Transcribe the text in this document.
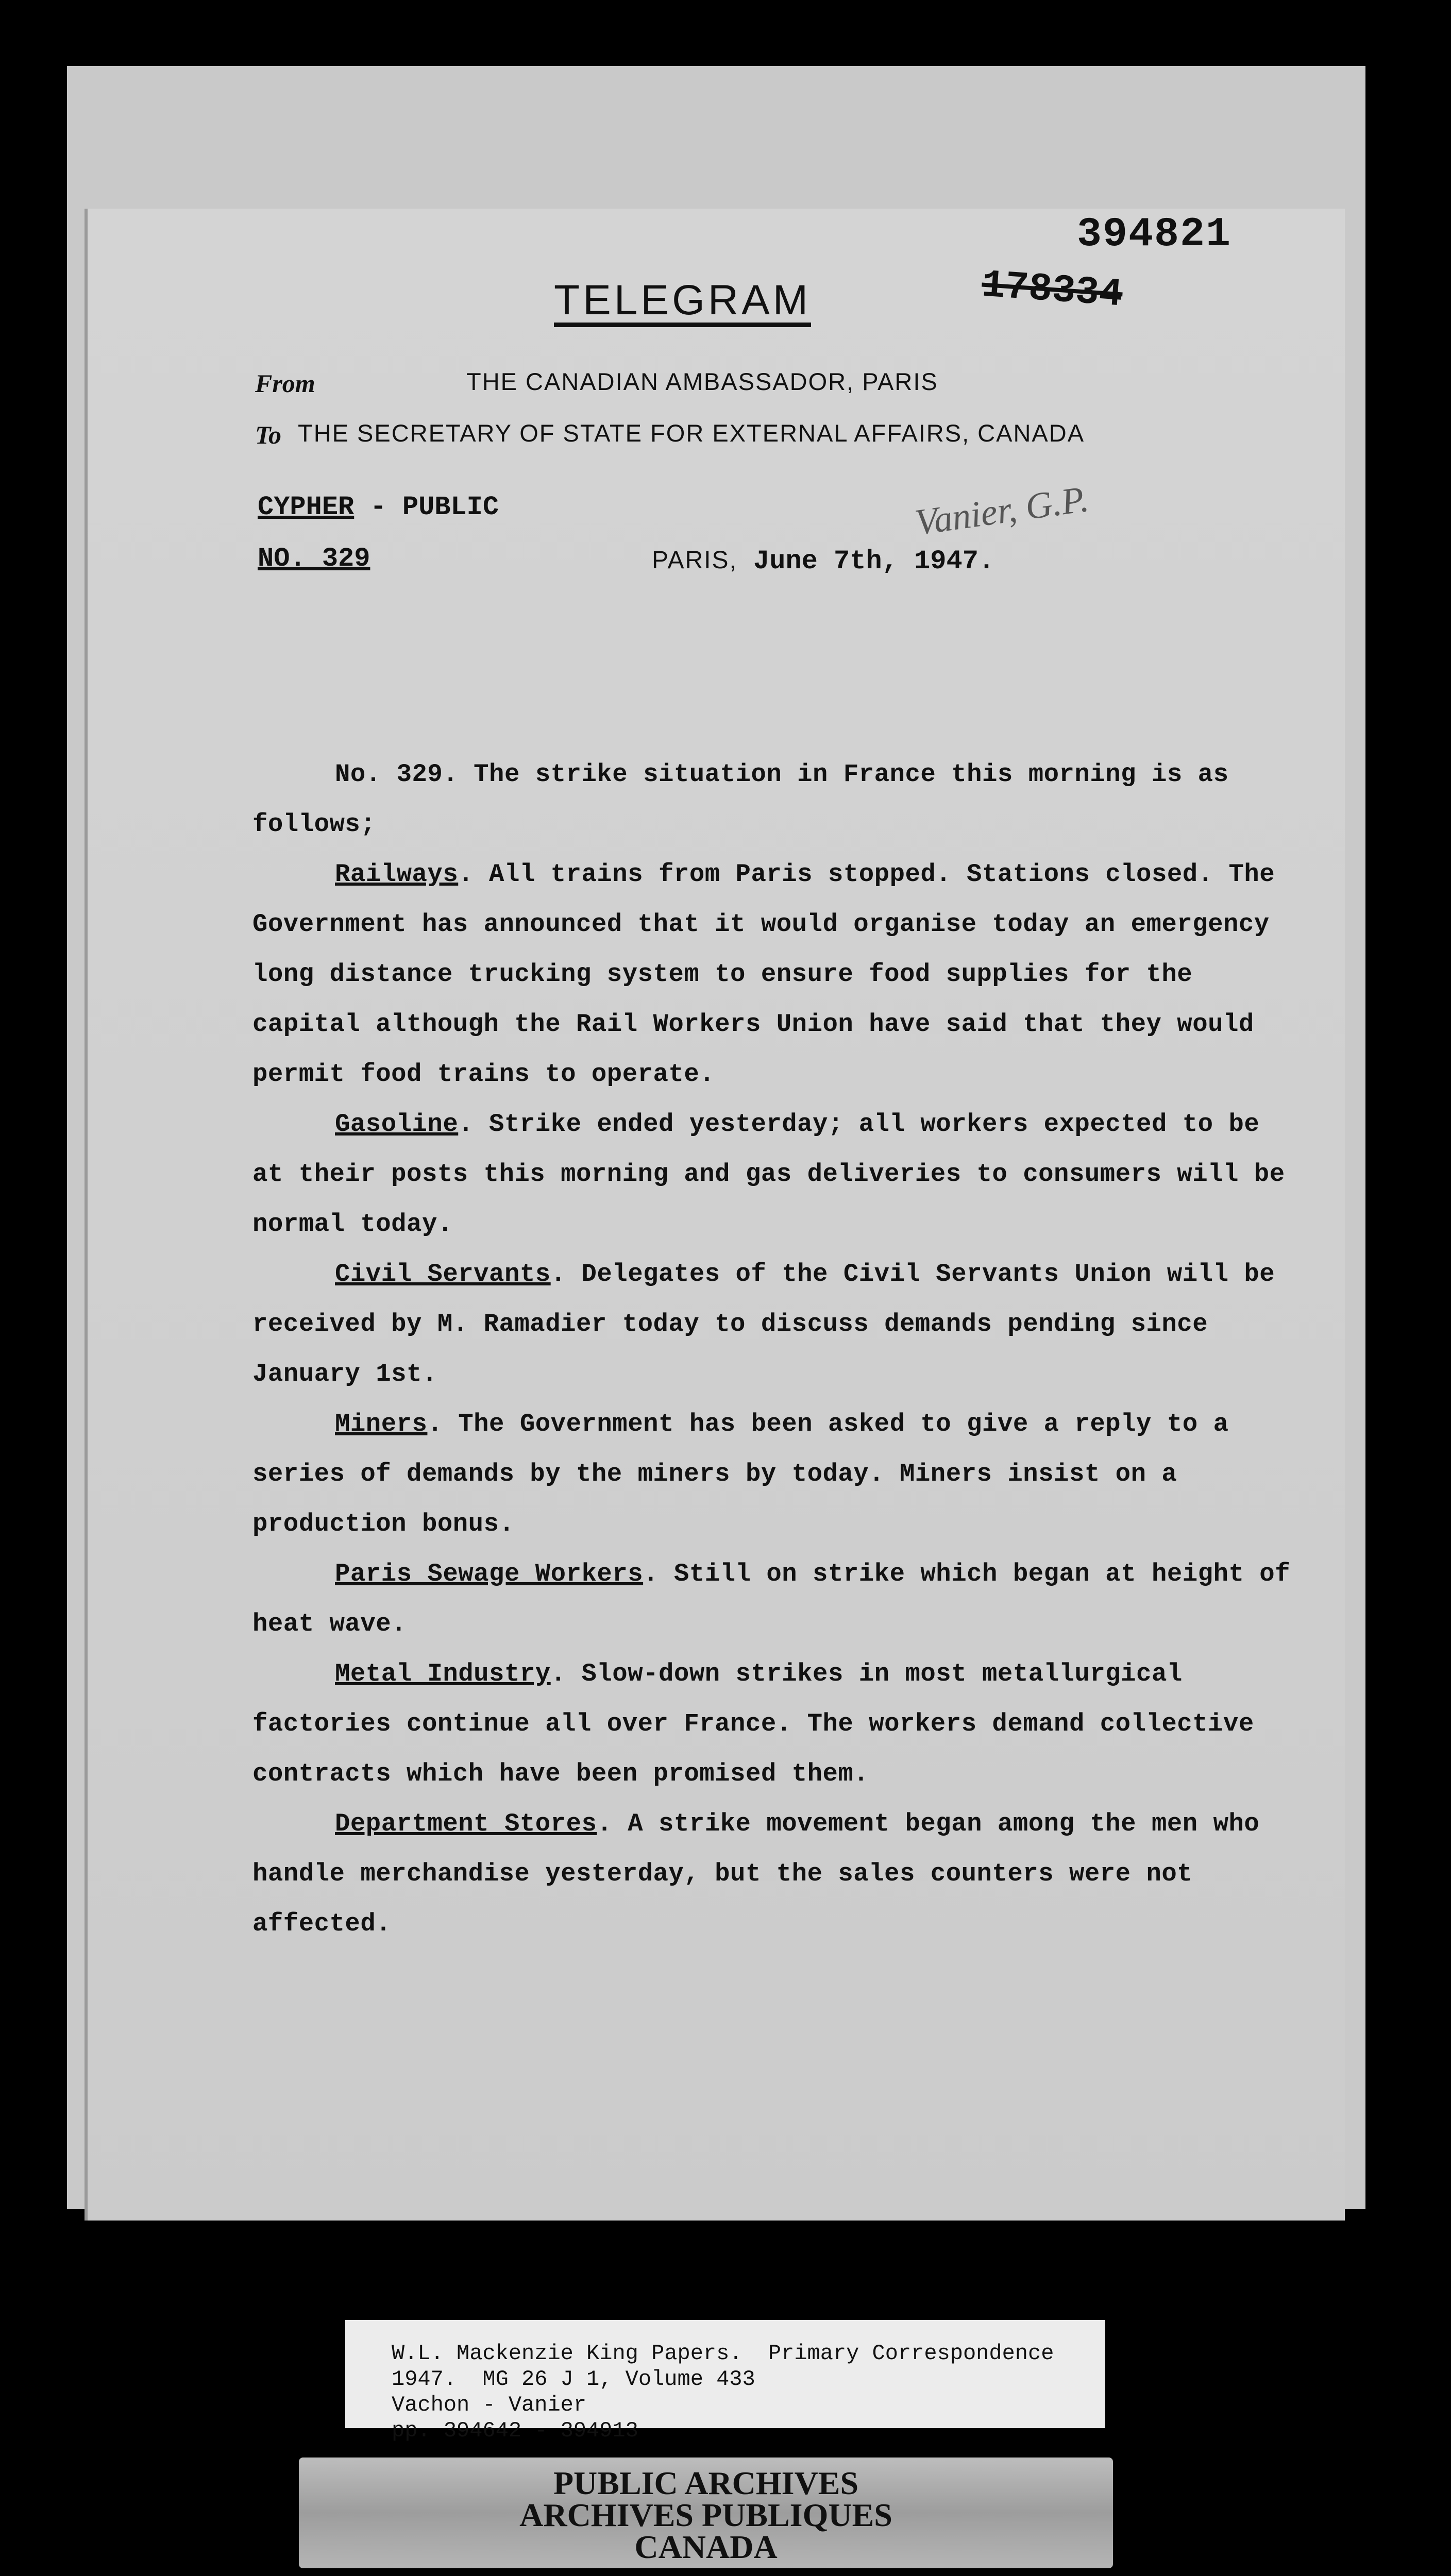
394821
178334
TELEGRAM
From	THE CANADIAN AMBASSADOR, PARIS
To THE SECRETARY OF STATE FOR EXTERNAL AFFAIRS, CANADA
CYPHER - PUBLIC
NO. 329
Vanier, G.P.
PARIS, June 7th, 1947.

No. 329. The strike situation in France this morning is as follows;

Railways. All trains from Paris stopped. Stations closed. The Government has announced that it would organise today an emergency long distance trucking system to ensure food supplies for the capital although the Rail Workers Union have said that they would permit food trains to operate.

Gasoline. Strike ended yesterday; all workers expected to be at their posts this morning and gas deliveries to consumers will be normal today.

Civil Servants. Delegates of the Civil Servants Union will be received by M. Ramadier today to discuss demands pending since January 1st.

Miners. The Government has been asked to give a reply to a series of demands by the miners by today. Miners insist on a production bonus.

Paris Sewage Workers. Still on strike which began at height of heat wave.

Metal Industry. Slow-down strikes in most metallurgical factories continue all over France. The workers demand collective contracts which have been promised them.

Department Stores. A strike movement began among the men who handle merchandise yesterday, but the sales counters were not affected.

W.L. Mackenzie King Papers.  Primary Correspondence
1947.  MG 26 J 1, Volume 433
Vachon - Vanier
pp. 394642 - 394913
PUBLIC ARCHIVES
ARCHIVES PUBLIQUES
CANADA
